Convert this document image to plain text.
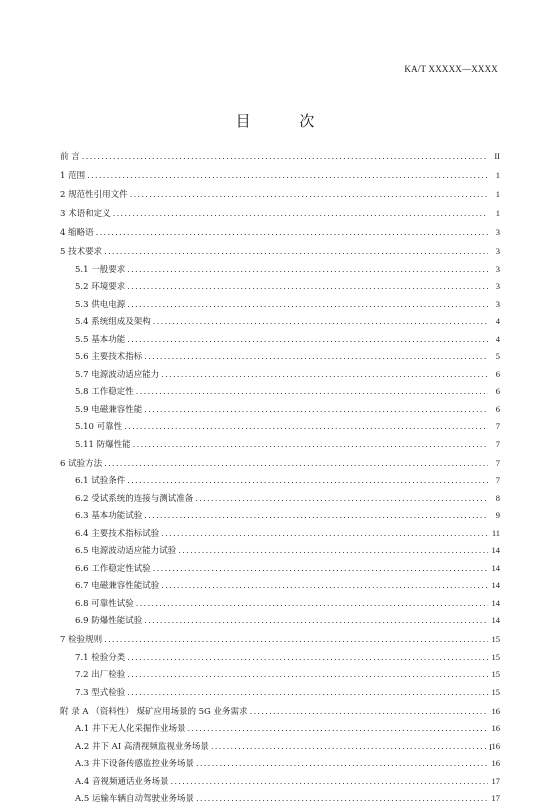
KA/T XXXXX—XXXX
目 次
前 言 .....	II
1 范围 .....	1
2 规范性引用文件 .....	1
3 术语和定义 .....	1
4 缩略语 .....	3
5 技术要求 .....	3
5.1 一般要求 .....	3
5.2 环境要求 .....	3
5.3 供电电源 .....	3
5.4 系统组成及架构 .....	4
5.5 基本功能 .....	4
5.6 主要技术指标 .....	5
5.7 电源波动适应能力 .....	6
5.8 工作稳定性 .....	6
5.9 电磁兼容性能 .....	6
5.10 可靠性 .....	7
5.11 防爆性能 .....	7
6 试验方法 .....	7
6.1 试验条件 .....	7
6.2 受试系统的连接与测试准备 .....	8
6.3 基本功能试验 .....	9
6.4 主要技术指标试验 .....	11
6.5 电源波动适应能力试验 .....	14
6.6 工作稳定性试验 .....	14
6.7 电磁兼容性能试验 .....	14
6.8 可靠性试验 .....	14
6.9 防爆性能试验 .....	14
7 检验规则 .....	15
7.1 检验分类 .....	15
7.2 出厂检验 .....	15
7.3 型式检验 .....	15
附 录 A （资料性） 煤矿应用场景的 5G 业务需求 .....	16
A.1 井下无人化采掘作业场景 .....	16
A.2 井下 AI 高清视频监视业务场景 .....	16
A.3 井下设备传感监控业务场景 .....	16
A.4 音视频通话业务场景 .....	17
A.5 运输车辆自动驾驶业务场景 .....	17
I
